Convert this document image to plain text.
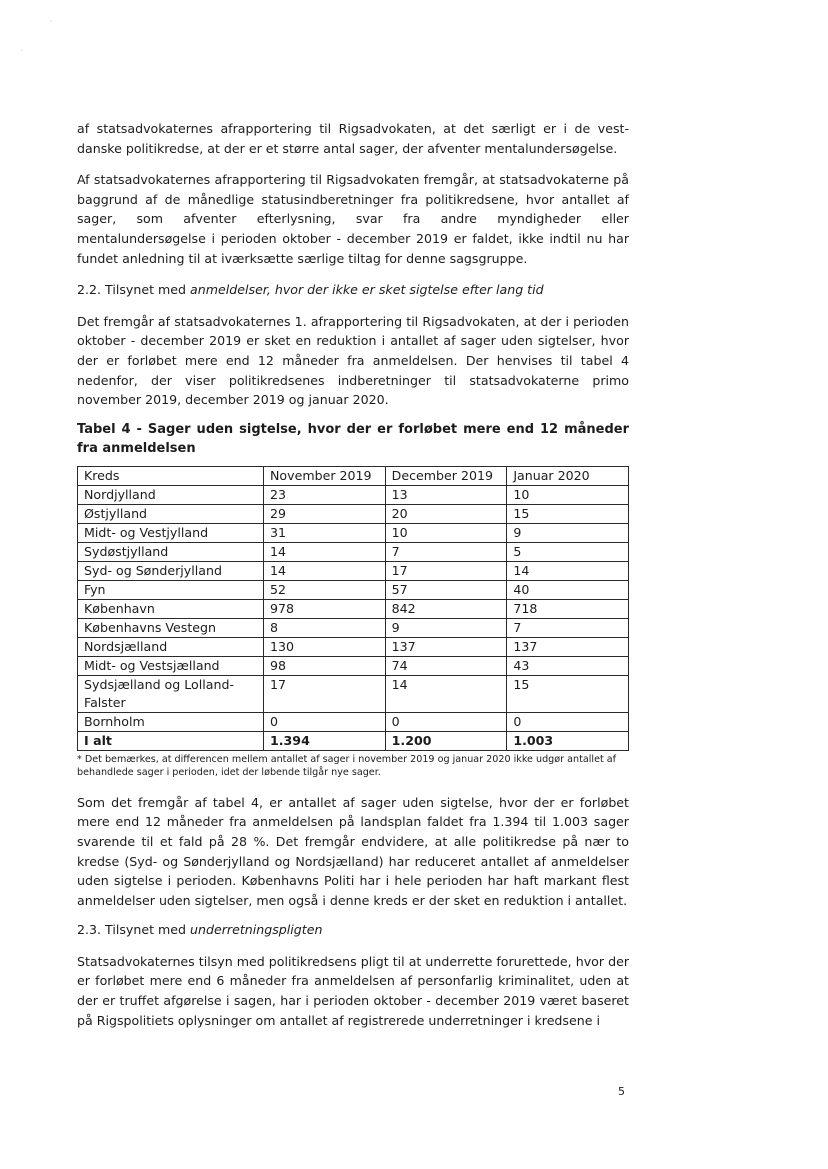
·
·

af statsadvokaternes afrapportering til Rigsadvokaten, at det særligt er i de vest-danske politikredse, at der er et større antal sager, der afventer mentalundersøgelse.

Af statsadvokaternes afrapportering til Rigsadvokaten fremgår, at statsadvokaterne på baggrund af de månedlige statusindberetninger fra politikredsene, hvor antallet af sager, som afventer efterlysning, svar fra andre myndigheder eller mentalundersøgelse i perioden oktober - december 2019 er faldet, ikke indtil nu har fundet anledning til at iværksætte særlige tiltag for denne sagsgruppe.

2.2. Tilsynet med anmeldelser, hvor der ikke er sket sigtelse efter lang tid

Det fremgår af statsadvokaternes 1. afrapportering til Rigsadvokaten, at der i perioden oktober - december 2019 er sket en reduktion i antallet af sager uden sigtelser, hvor der er forløbet mere end 12 måneder fra anmeldelsen. Der henvises til tabel 4 nedenfor, der viser politikredsenes indberetninger til statsadvokaterne primo november 2019, december 2019 og januar 2020.

Tabel 4 - Sager uden sigtelse, hvor der er forløbet mere end 12 måneder fra anmeldelsen
Kreds	November 2019	December 2019	Januar 2020
Nordjylland	23	13	10
Østjylland	29	20	15
Midt- og Vestjylland	31	10	9
Sydøstjylland	14	7	5
Syd- og Sønderjylland	14	17	14
Fyn	52	57	40
København	978	842	718
Københavns Vestegn	8	9	7
Nordsjælland	130	137	137
Midt- og Vestsjælland	98	74	43
Sydsjælland og Lolland-Falster	17	14	15
Bornholm	0	0	0
I alt	1.394	1.200	1.003
* Det bemærkes, at differencen mellem antallet af sager i november 2019 og januar 2020 ikke udgør antallet af behandlede sager i perioden, idet der løbende tilgår nye sager.

Som det fremgår af tabel 4, er antallet af sager uden sigtelse, hvor der er forløbet mere end 12 måneder fra anmeldelsen på landsplan faldet fra 1.394 til 1.003 sager svarende til et fald på 28 %. Det fremgår endvidere, at alle politikredse på nær to kredse (Syd- og Sønderjylland og Nordsjælland) har reduceret antallet af anmeldelser uden sigtelse i perioden. Københavns Politi har i hele perioden har haft markant flest anmeldelser uden sigtelser, men også i denne kreds er der sket en reduktion i antallet.

2.3. Tilsynet med underretningspligten

Statsadvokaternes tilsyn med politikredsens pligt til at underrette forurettede, hvor der er forløbet mere end 6 måneder fra anmeldelsen af personfarlig kriminalitet, uden at der er truffet afgørelse i sagen, har i perioden oktober - december 2019 været baseret på Rigspolitiets oplysninger om antallet af registrerede underretninger i kredsene i

5
